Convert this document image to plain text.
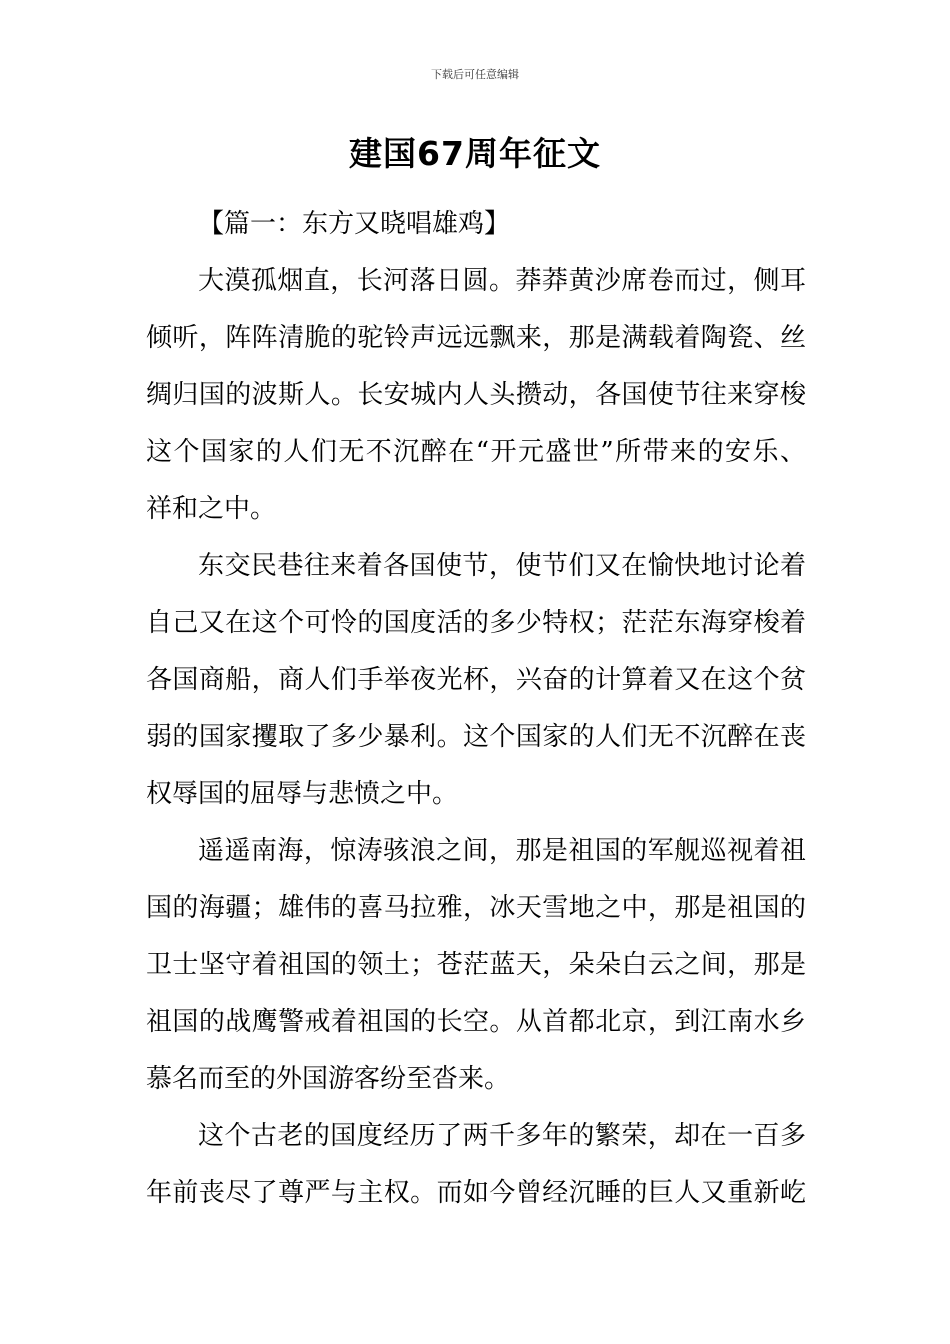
下载后可任意编辑
建国67周年征文
【篇一：东方又晓唱雄鸡】
大漠孤烟直，长河落日圆。莽莽黄沙席卷而过，侧耳
倾听，阵阵清脆的驼铃声远远飘来，那是满载着陶瓷、丝
绸归国的波斯人。长安城内人头攒动，各国使节往来穿梭
这个国家的人们无不沉醉在“开元盛世”所带来的安乐、
祥和之中。
东交民巷往来着各国使节，使节们又在愉快地讨论着
自己又在这个可怜的国度活的多少特权；茫茫东海穿梭着
各国商船，商人们手举夜光杯，兴奋的计算着又在这个贫
弱的国家攫取了多少暴利。这个国家的人们无不沉醉在丧
权辱国的屈辱与悲愤之中。
遥遥南海，惊涛骇浪之间，那是祖国的军舰巡视着祖
国的海疆；雄伟的喜马拉雅，冰天雪地之中，那是祖国的
卫士坚守着祖国的领土；苍茫蓝天，朵朵白云之间，那是
祖国的战鹰警戒着祖国的长空。从首都北京，到江南水乡
慕名而至的外国游客纷至沓来。
这个古老的国度经历了两千多年的繁荣，却在一百多
年前丧尽了尊严与主权。而如今曾经沉睡的巨人又重新屹
